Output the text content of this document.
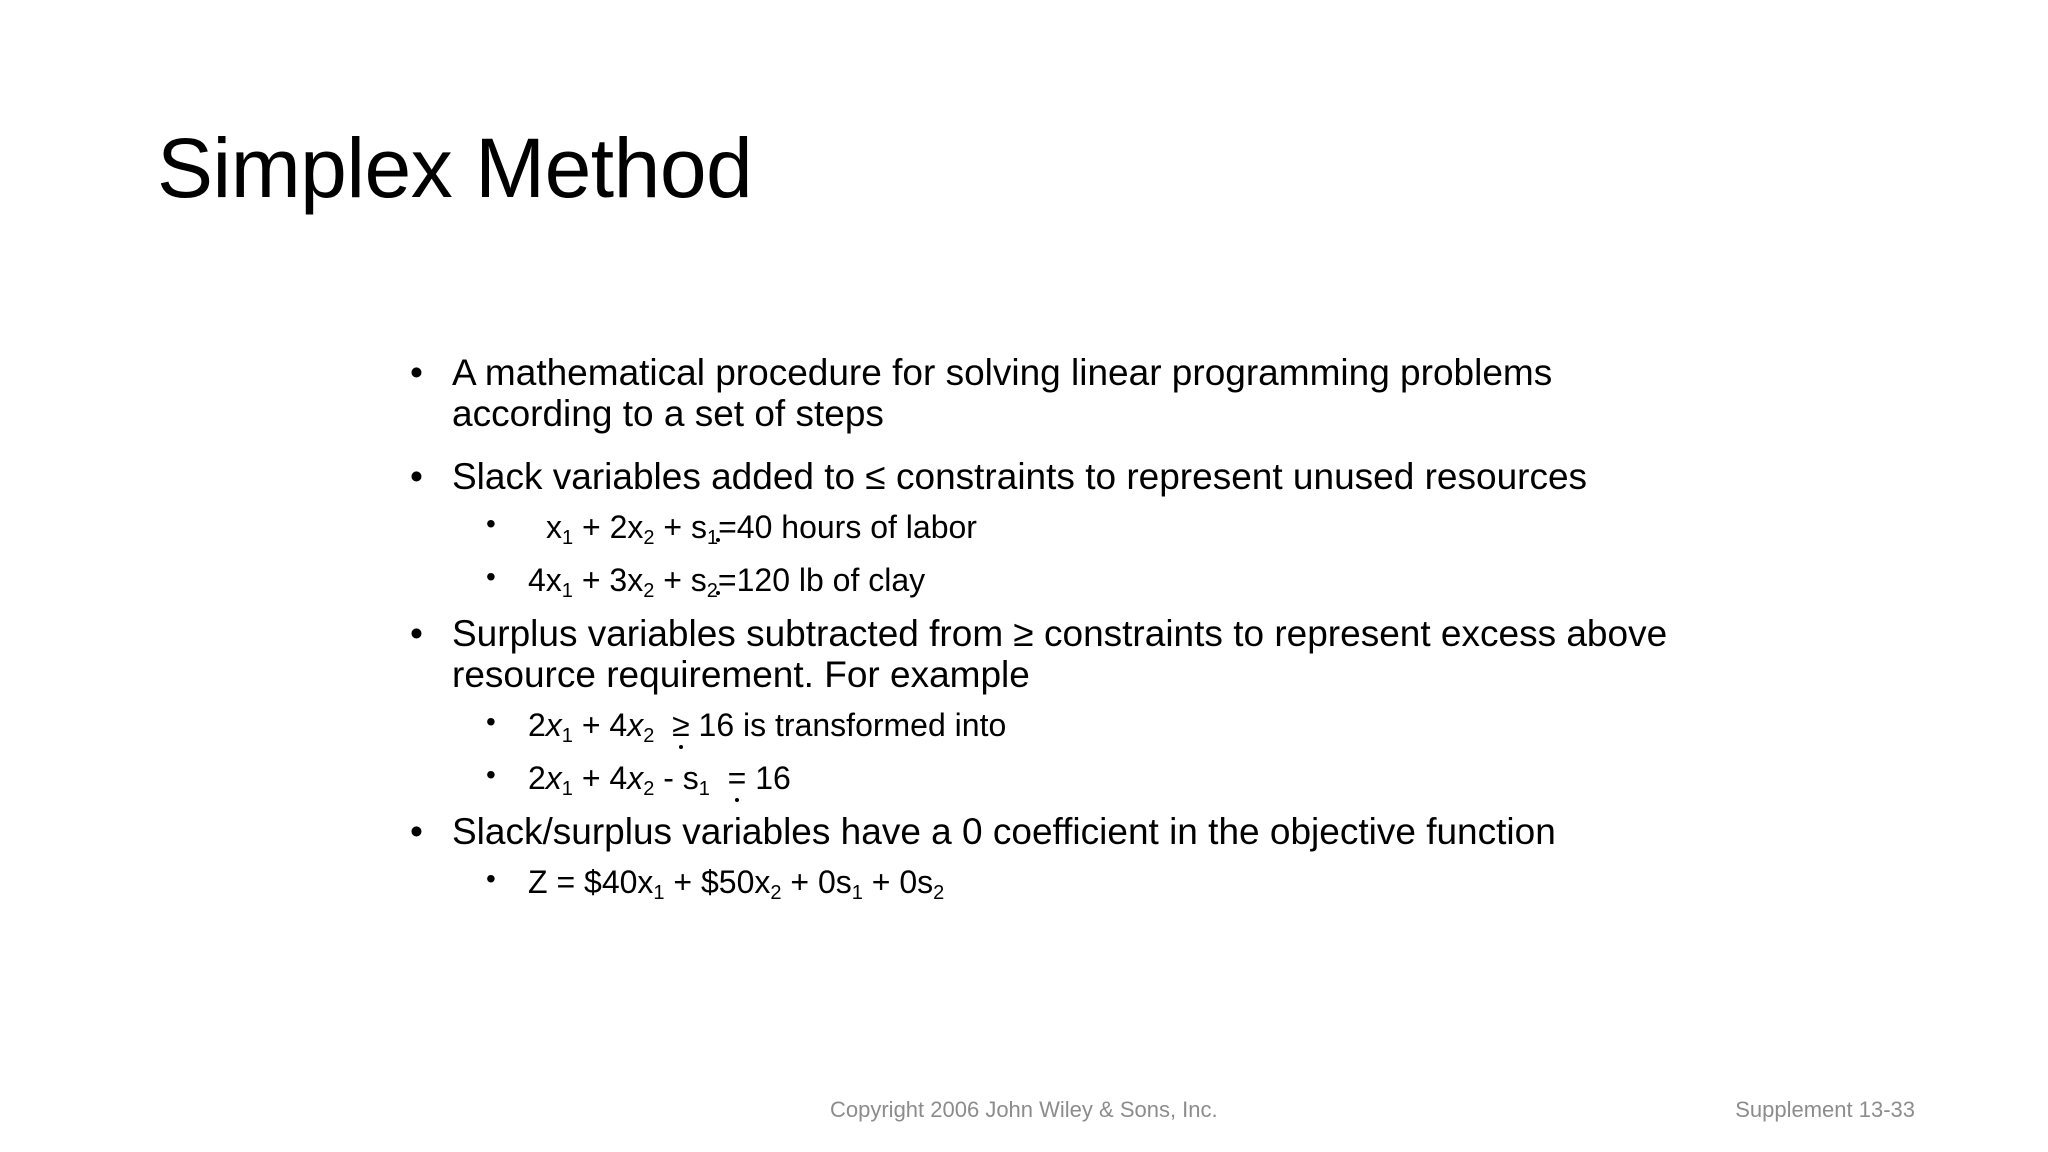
Simplex Method
• A mathematical procedure for solving linear programming problems according to a set of steps
• Slack variables added to ≤ constraints to represent unused resources
• $x_1 + 2x_2 + s_1=40$ hours of labor
• $4x_1 + 3x_2 + s_2=120$ lb of clay
• Surplus variables subtracted from ≥ constraints to represent excess above resource requirement. For example
• $2x_1 + 4x_2 \ge 16$ is transformed into
• $2x_1 + 4x_2 - s_1 = 16$
• Slack/surplus variables have a 0 coefficient in the objective function
• $Z = \$40x_1$ + $\$50x_2 + 0s_1 + 0s_2$
Copyright 2006 John Wiley & Sons, Inc.	Supplement 13-33
